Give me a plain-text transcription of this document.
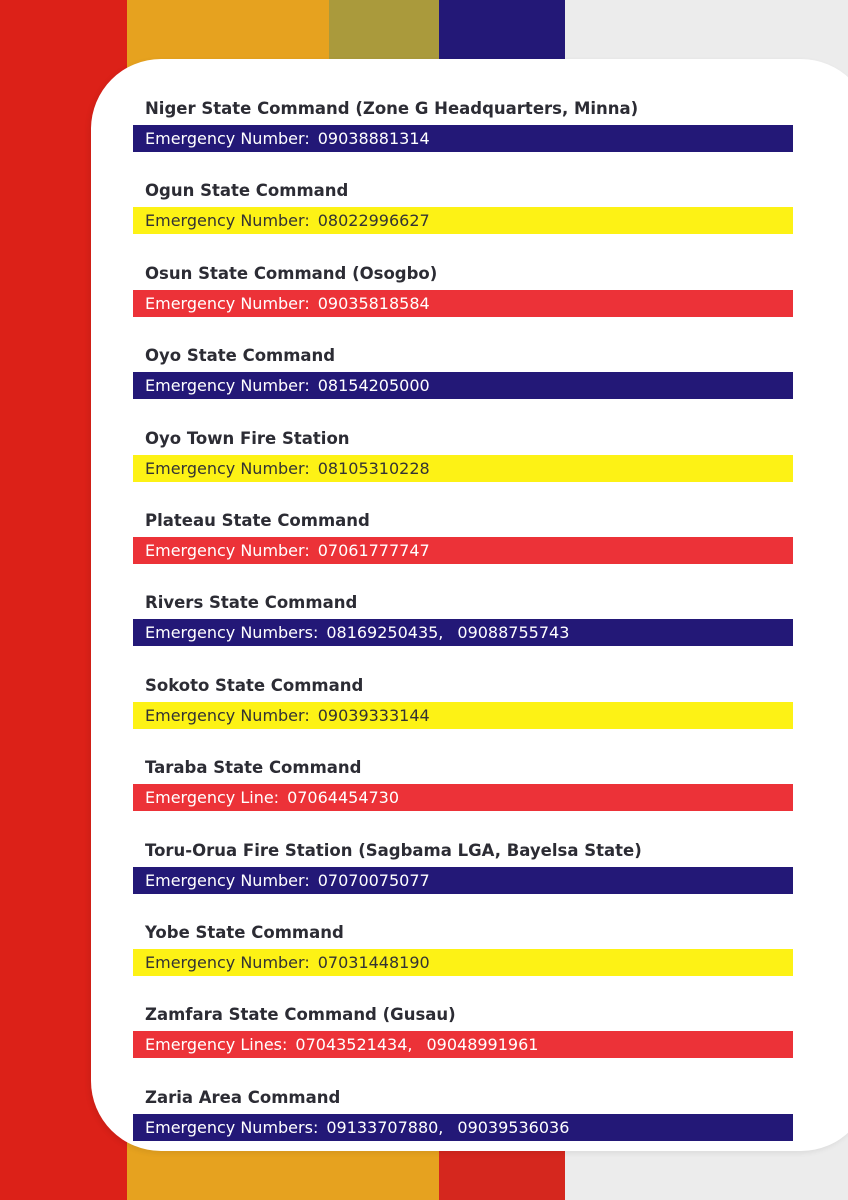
Niger State Command (Zone G Headquarters, Minna)
Emergency Number: 09038881314
Ogun State Command
Emergency Number: 08022996627
Osun State Command (Osogbo)
Emergency Number: 09035818584
Oyo State Command
Emergency Number: 08154205000
Oyo Town Fire Station
Emergency Number: 08105310228
Plateau State Command
Emergency Number: 07061777747
Rivers State Command
Emergency Numbers: 08169250435, 09088755743
Sokoto State Command
Emergency Number: 09039333144
Taraba State Command
Emergency Line: 07064454730
Toru-Orua Fire Station (Sagbama LGA, Bayelsa State)
Emergency Number: 07070075077
Yobe State Command
Emergency Number: 07031448190
Zamfara State Command (Gusau)
Emergency Lines: 07043521434, 09048991961
Zaria Area Command
Emergency Numbers: 09133707880, 09039536036
